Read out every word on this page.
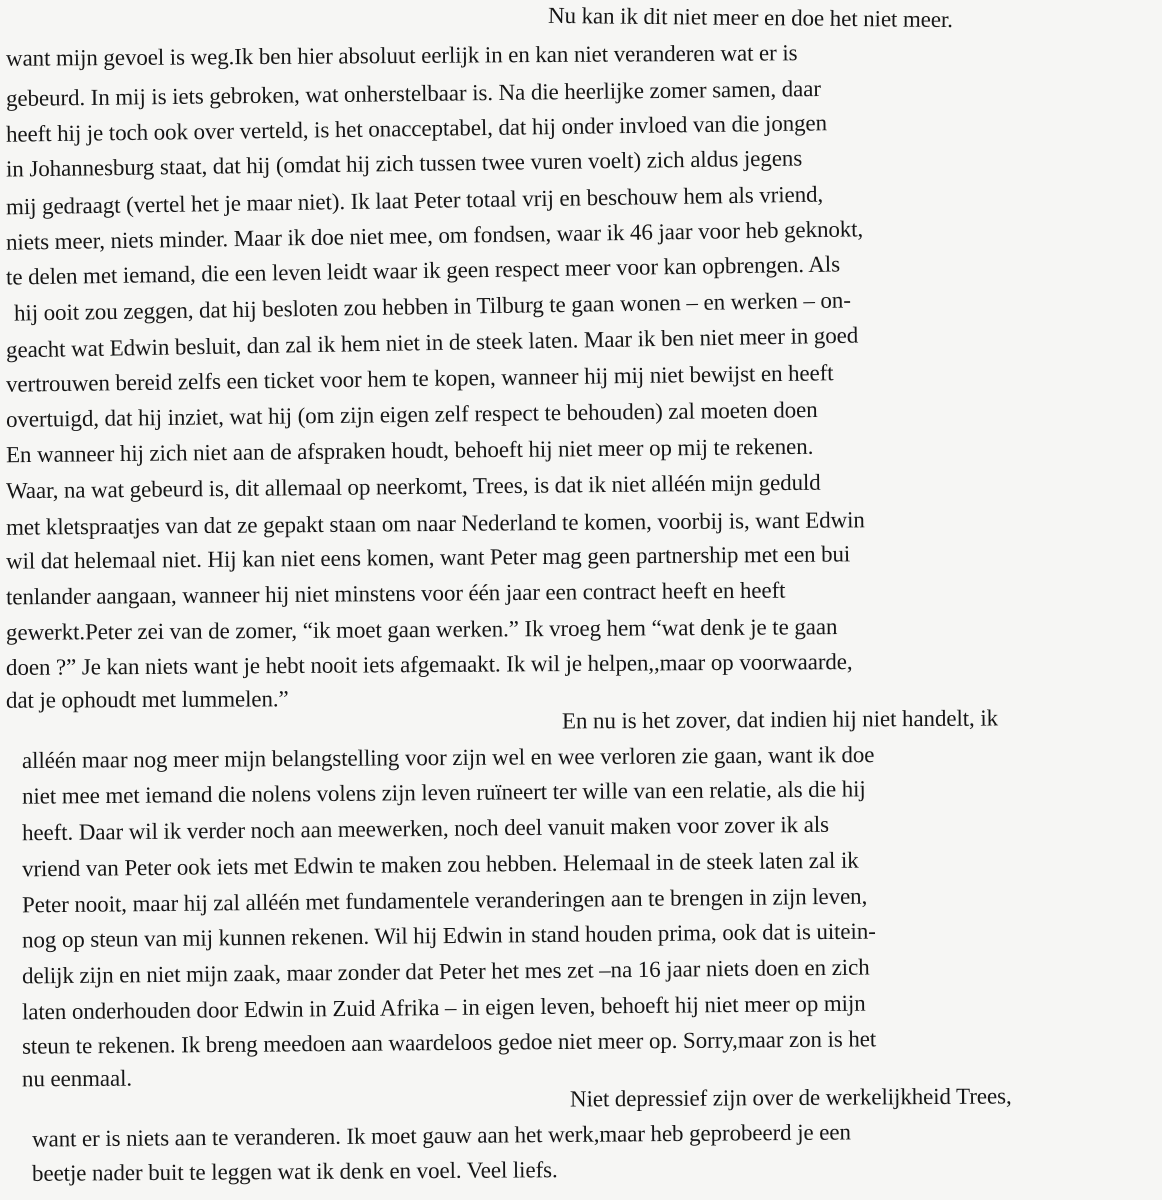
Nu kan ik dit niet meer en doe het niet meer.
want mijn gevoel is weg.Ik ben hier absoluut eerlijk in en kan niet veranderen wat er is
gebeurd. In mij is iets gebroken, wat onherstelbaar is. Na die heerlijke zomer samen, daar
heeft hij je toch ook over verteld, is het onacceptabel, dat hij onder invloed van die jongen
in Johannesburg staat, dat hij (omdat hij zich tussen twee vuren voelt) zich aldus jegens
mij gedraagt (vertel het je maar niet). Ik laat Peter totaal vrij en beschouw hem als vriend,
niets meer, niets minder. Maar ik doe niet mee, om fondsen, waar ik 46 jaar voor heb geknokt,
te delen met iemand, die een leven leidt waar ik geen respect meer voor kan opbrengen. Als
hij ooit zou zeggen, dat hij besloten zou hebben in Tilburg te gaan wonen – en werken – on-
geacht wat Edwin besluit, dan zal ik hem niet in de steek laten. Maar ik ben niet meer in goed
vertrouwen bereid zelfs een ticket voor hem te kopen, wanneer hij mij niet bewijst en heeft
overtuigd, dat hij inziet, wat hij (om zijn eigen zelf respect te behouden) zal moeten doen
En wanneer hij zich niet aan de afspraken houdt, behoeft hij niet meer op mij te rekenen.
Waar, na wat gebeurd is, dit allemaal op neerkomt, Trees, is dat ik niet alléén mijn geduld
met kletspraatjes van dat ze gepakt staan om naar Nederland te komen, voorbij is, want Edwin
wil dat helemaal niet. Hij kan niet eens komen, want Peter mag geen partnership met een bui
tenlander aangaan, wanneer hij niet minstens voor één jaar een contract heeft en heeft
gewerkt.Peter zei van de zomer, “ik moet gaan werken.” Ik vroeg hem “wat denk je te gaan
doen ?” Je kan niets want je hebt nooit iets afgemaakt. Ik wil je helpen,,maar op voorwaarde,
dat je ophoudt met lummelen.”
En nu is het zover, dat indien hij niet handelt, ik
alléén maar nog meer mijn belangstelling voor zijn wel en wee verloren zie gaan, want ik doe
niet mee met iemand die nolens volens zijn leven ruïneert ter wille van een relatie, als die hij
heeft. Daar wil ik verder noch aan meewerken, noch deel vanuit maken voor zover ik als
vriend van Peter ook iets met Edwin te maken zou hebben. Helemaal in de steek laten zal ik
Peter nooit, maar hij zal alléén met fundamentele veranderingen aan te brengen in zijn leven,
nog op steun van mij kunnen rekenen. Wil hij Edwin in stand houden prima, ook dat is uitein-
delijk zijn en niet mijn zaak, maar zonder dat Peter het mes zet –na 16 jaar niets doen en zich
laten onderhouden door Edwin in Zuid Afrika – in eigen leven, behoeft hij niet meer op mijn
steun te rekenen. Ik breng meedoen aan waardeloos gedoe niet meer op. Sorry,maar zon is het
nu eenmaal.
Niet depressief zijn over de werkelijkheid Trees,
want er is niets aan te veranderen. Ik moet gauw aan het werk,maar heb geprobeerd je een
beetje nader buit te leggen wat ik denk en voel. Veel liefs.
